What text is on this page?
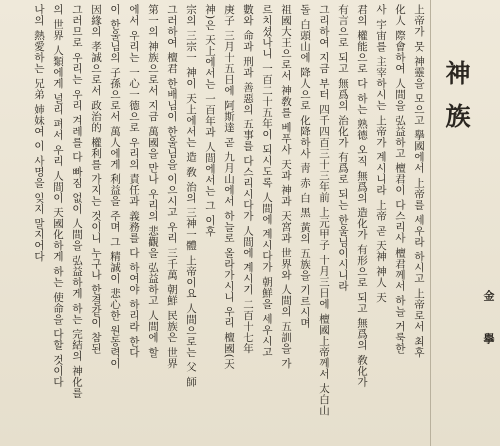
神族
金 擧
上帝가 뭇 神靈을 모으고 擧國에서 上帝를 세우라 하시고 上帝로서 최후
化人 際會하여 人間을 弘益하고 檀君이 다스리사 檀君께서 하늘 거룩한
사 宇宙를 主宰하시는 上帝가 계시니라 上帝 곧 天神 神人 天
君의 權能으로 다 하는 熟德 오직 無爲의 造化가 有形으로 되고 無爲의 敎化가
有言으로 되고 無爲의 治化가 有爲로 되는 한울님이시니라
그리하여 지금 부터 四千四百三十三年前 上元甲子 十月三日에 檀國上帝께서 太白山
돌 白頭山에 降人으로 化降하사 靑 赤 白 黑 黃의 五族을 기르시며
祖國大王으로서 神敎를 베푸사 天과 神과 天宮과 世界와 人間의 五訓을 가
르치셨나니 一百二十五年이 되시도록 人間에 계시다가 朝鮮을 세우시고
數와 命과 刑과 善惡의 五事를 다스리시다가 人間에 계시기 二百十七年
庚子 三月十五日에 阿斯達 곧 九月山에서 하늘로 올라가시니 우리 檀國(天
神)은 天上에서는 一百年과 人間에서는 그 이후
宗의 三宗一 神이 天上에서는 造 敎 治의 三神一體 上帝이요 人間으로는 父 師
그러하여 檀君 한배님이 한울님을 이으시고 우리 三千萬 朝鮮 民族은 世界
第一의 神族으로서 지금 萬國을 만나 우리의 悲觀을 弘益하고 人間에 할
에서 우리는 一心一德으로 우리의 責任과 義務를 다 하여야 하리라 한다
이 한울님의 子孫으로서 萬人에게 利益을 주며 그 精誠이 悲心한 원동력이
因緣의 孝誠으로서 政治的 權利를 가지는 것이니 누구나 한결같이 참된
그러므로 우리는 우리 겨레를 다 빠짐 없이 人間을 弘益하게 하는 完結의 神化를
의 世界 人類에게 널리 펴서 우리 人間이 天國化하게 하는 使命을 다할 것이다
나의 熱愛하는 兄弟 姉妹여 이 사명을 잊지 말지어다
